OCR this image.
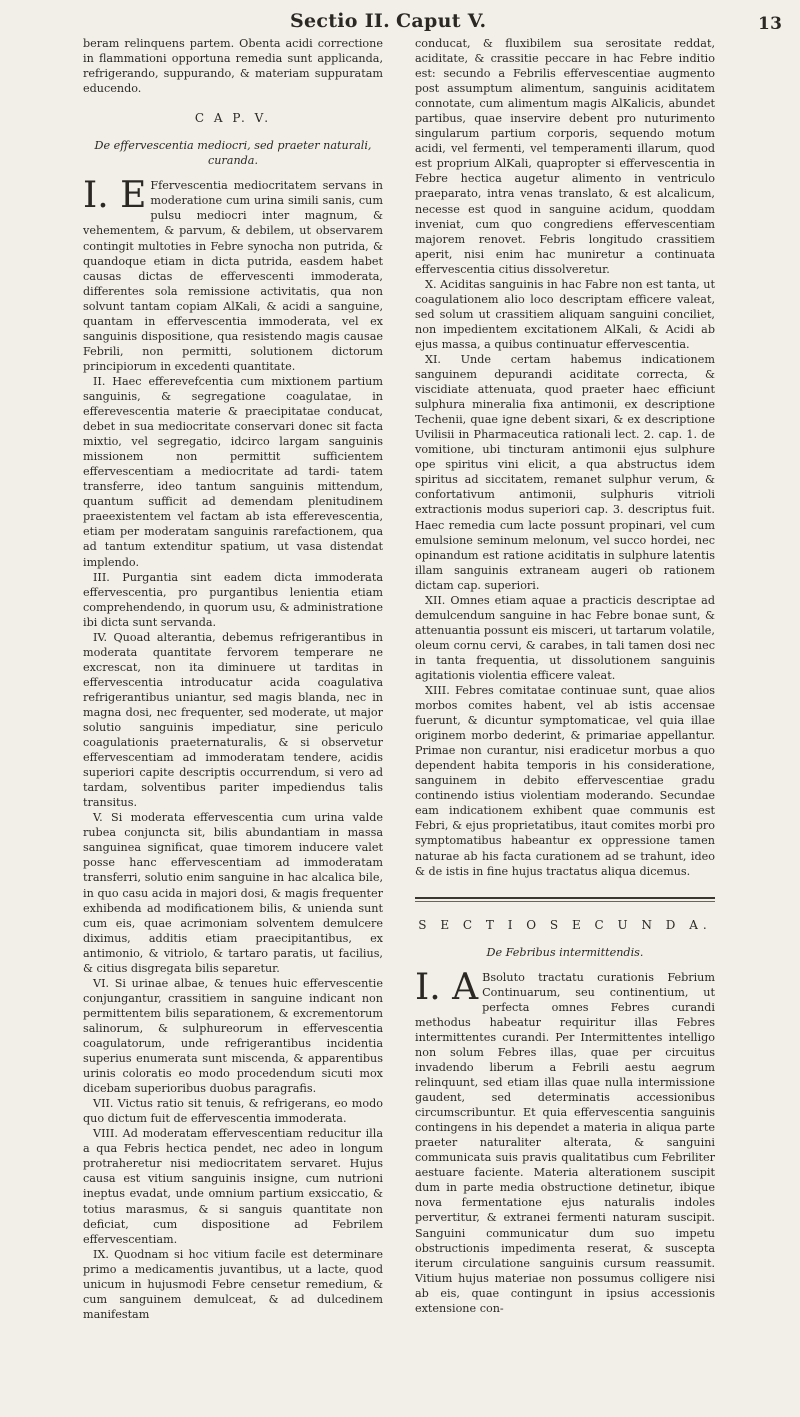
Sectio II. Caput V.	13

beram relinquens partem. Obenta acidi correctione in flammationi opportuna remedia sunt applicanda, refrigerando, suppurando, & materiam suppuratam educendo.

C A P. V.
De effervescentia mediocri, sed praeter naturali, curanda.

I. E Ffervescentia mediocritatem servans in moderatione cum urina simili sanis, cum pulsu mediocri inter magnum, & vehementem, & parvum, & debilem, ut observarem contingit multoties in Febre synocha non putrida, & quandoque etiam in dicta putrida, easdem habet causas dictas de effervescenti immoderata, differentes sola remissione activitatis, qua non solvunt tantam copiam AlKali, & acidi a sanguine, quantam in effervescentia immoderata, vel ex sanguinis dispositione, qua resistendo magis causae Febrili, non permitti, solutionem dictorum principiorum in excedenti quantitate.

II. Haec efferevefcentia cum mixtionem partium sanguinis, & segregatione coagulatae, in efferevescentia materie & praecipitatae conducat, debet in sua mediocritate conservari donec sit facta mixtio, vel segregatio, idcirco largam sanguinis missionem non permittit sufficientem effervescentiam a mediocritate ad tardi- tatem transferre, ideo tantum sanguinis mittendum, quantum sufficit ad demendam plenitudinem praeexistentem vel factam ab ista efferevescentia, etiam per moderatam sanguinis rarefactionem, qua ad tantum extenditur spatium, ut vasa distendat implendo.

III. Purgantia sint eadem dicta immoderata effervescentia, pro purgantibus lenientia etiam comprehendendo, in quorum usu, & administratione ibi dicta sunt servanda.

IV. Quoad alterantia, debemus refrigerantibus in moderata quantitate fervorem temperare ne excrescat, non ita diminuere ut tarditas in effervescentia introducatur acida coagulativa refrigerantibus uniantur, sed magis blanda, nec in magna dosi, nec frequenter, sed moderate, ut major solutio sanguinis impediatur, sine periculo coagulationis praeternaturalis, & si observetur effervescentiam ad immoderatam tendere, acidis superiori capite descriptis occurrendum, si vero ad tardam, solventibus pariter impediendus talis transitus.

V. Si moderata effervescentia cum urina valde rubea conjuncta sit, bilis abundantiam in massa sanguinea significat, quae timorem inducere valet posse hanc effervescentiam ad immoderatam transferri, solutio enim sanguine in hac alcalica bile, in quo casu acida in majori dosi, & magis frequenter exhibenda ad modificationem bilis, & unienda sunt cum eis, quae acrimoniam solventem demulcere diximus, additis etiam praecipitantibus, ex antimonio, & vitriolo, & tartaro paratis, ut facilius, & citius disgregata bilis separetur.

VI. Si urinae albae, & tenues huic effervescentie conjungantur, crassitiem in sanguine indicant non permittentem bilis separationem, & excrementorum salinorum, & sulphureorum in effervescentia coagulatorum, unde refrigerantibus incidentia superius enumerata sunt miscenda, & apparentibus urinis coloratis eo modo procedendum sicuti mox dicebam superioribus duobus paragrafis.

VII. Victus ratio sit tenuis, & refrigerans, eo modo quo dictum fuit de effervescentia immoderata.

VIII. Ad moderatam effervescentiam reducitur illa a qua Febris hectica pendet, nec adeo in longum protraheretur nisi mediocritatem servaret. Hujus causa est vitium sanguinis insigne, cum nutrioni ineptus evadat, unde omnium partium exsiccatio, & totius marasmus, & si sanguis quantitate non deficiat, cum dispositione ad Febrilem effervescentiam.

IX. Quodnam si hoc vitium facile est determinare primo a medicamentis juvantibus, ut a lacte, quod unicum in hujusmodi Febre censetur remedium, & cum sanguinem demulceat, & ad dulcedinem manifestam

conducat, & fluxibilem sua serositate reddat, aciditate, & crassitie peccare in hac Febre inditio est: secundo a Febrilis effervescentiae augmento post assumptum alimentum, sanguinis aciditatem connotate, cum alimentum magis AlKalicis, abundet partibus, quae inservire debent pro nuturimento singularum partium corporis, sequendo motum acidi, vel fermenti, vel temperamenti illarum, quod est proprium AlKali, quapropter si effervescentia in Febre hectica augetur alimento in ventriculo praeparato, intra venas translato, & est alcalicum, necesse est quod in sanguine acidum, quoddam inveniat, cum quo congrediens effervescentiam majorem renovet. Febris longitudo crassitiem aperit, nisi enim hac muniretur a continuata effervescentia citius dissolveretur.

X. Aciditas sanguinis in hac Fabre non est tanta, ut coagulationem alio loco descriptam efficere valeat, sed solum ut crassitiem aliquam sanguini conciliet, non impedientem excitationem AlKali, & Acidi ab ejus massa, a quibus continuatur effervescentia.

XI. Unde certam habemus indicationem sanguinem depurandi aciditate correcta, & viscidiate attenuata, quod praeter haec efficiunt sulphura mineralia fixa antimonii, ex descriptione Techenii, quae igne debent sixari, & ex descriptione Uvilisii in Pharmaceutica rationali lect. 2. cap. 1. de vomitione, ubi tincturam antimonii ejus sulphure ope spiritus vini elicit, a qua abstructus idem spiritus ad siccitatem, remanet sulphur verum, & confortativum antimonii, sulphuris vitrioli extractionis modus superiori cap. 3. descriptus fuit. Haec remedia cum lacte possunt propinari, vel cum emulsione seminum melonum, vel succo hordei, nec opinandum est ratione aciditatis in sulphure latentis illam sanguinis extraneam augeri ob rationem dictam cap. superiori.

XII. Omnes etiam aquae a practicis descriptae ad demulcendum sanguine in hac Febre bonae sunt, & attenuantia possunt eis misceri, ut tartarum volatile, oleum cornu cervi, & carabes, in tali tamen dosi nec in tanta frequentia, ut dissolutionem sanguinis agitationis violentia efficere valeat.

XIII. Febres comitatae continuae sunt, quae alios morbos comites habent, vel ab istis accensae fuerunt, & dicuntur symptomaticae, vel quia illae originem morbo dederint, & primariae appellantur. Primae non curantur, nisi eradicetur morbus a quo dependent habita temporis in his consideratione, sanguinem in debito effervescentiae gradu continendo istius violentiam moderando. Secundae eam indicationem exhibent quae communis est Febri, & ejus proprietatibus, itaut comites morbi pro symptomatibus habeantur ex oppressione tamen naturae ab his facta curationem ad se trahunt, ideo & de istis in fine hujus tractatus aliqua dicemus.

S E C T I O S E C U N D A.
De Febribus intermittendis.

I. A Bsoluto tractatu curationis Febrium Continuarum, seu continentium, ut perfecta omnes Febres curandi methodus habeatur requiritur illas Febres intermittentes curandi. Per Intermittentes intelligo non solum Febres illas, quae per circuitus invadendo liberum a Febrili aestu aegrum relinquunt, sed etiam illas quae nulla intermissione gaudent, sed determinatis accessionibus circumscribuntur. Et quia effervescentia sanguinis contingens in his dependet a materia in aliqua parte praeter naturaliter alterata, & sanguini communicata suis pravis qualitatibus cum Febriliter aestuare faciente. Materia alterationem suscipit dum in parte media obstructione detinetur, ibique nova fermentatione ejus naturalis indoles pervertitur, & extranei fermenti naturam suscipit. Sanguini communicatur dum suo impetu obstructionis impedimenta reserat, & suscepta iterum circulatione sanguinis cursum reassumit. Vitium hujus materiae non possumus colligere nisi ab eis, quae contingunt in ipsius accessionis extensione con-
